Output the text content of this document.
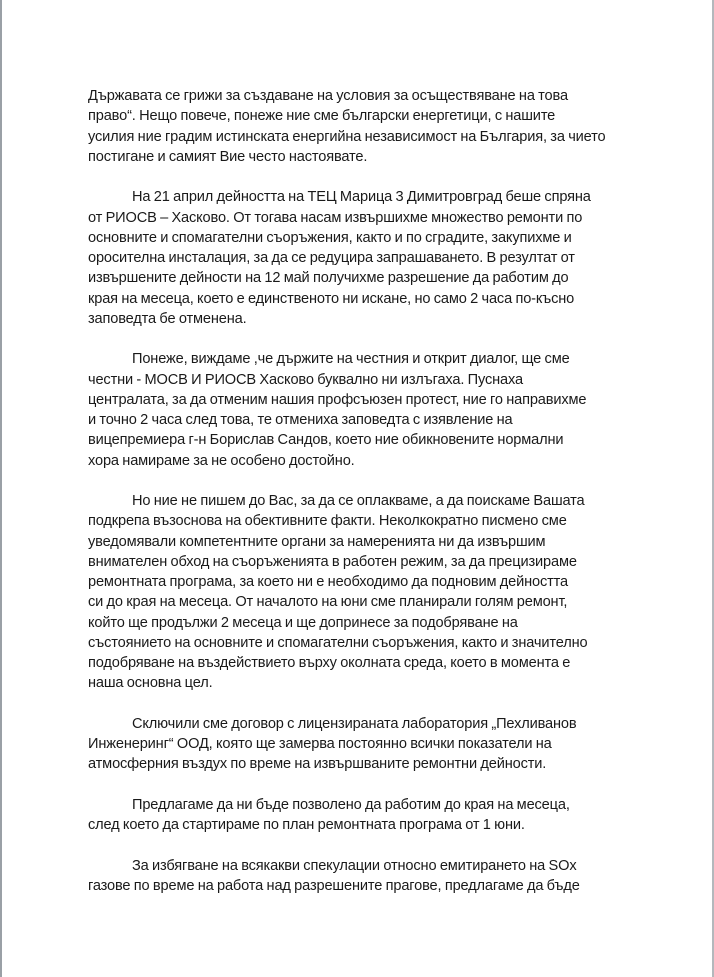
Държавата се грижи за създаване на условия за осъществяване на това
право“. Нещо повече, понеже ние сме български енергетици, с нашите
усилия ние градим истинската енергийна независимост на България, за чието
постигане и самият Вие често настоявате.

На 21 април дейността на ТЕЦ Марица 3 Димитровград беше спряна
от РИОСВ – Хасково. От тогава насам извършихме множество ремонти по
основните и спомагателни съоръжения, както и по сградите, закупихме и
оросителна инсталация, за да се редуцира запрашаването. В резултат от
извършените дейности на 12 май получихме разрешение да работим до
края на месеца, което е единственото ни искане, но само 2 часа по-късно
заповедта бе отменена.

Понеже, виждаме ,че държите на честния и открит диалог, ще сме
честни - МОСВ И РИОСВ Хасково буквално ни излъгаха. Пуснаха
централата, за да отменим нашия профсъюзен протест, ние го направихме
и точно 2 часа след това, те отмениха заповедта с изявление на
вицепремиера г-н Борислав Сандов, което ние обикновените нормални
хора намираме за не особено достойно.

Но ние не пишем до Вас, за да се оплакваме, а да поискаме Вашата
подкрепа възоснова на обективните факти. Неколкократно писмено сме
уведомявали компетентните органи за намеренията ни да извършим
внимателен обход на съоръженията в работен режим, за да прецизираме
ремонтната програма, за което ни е необходимо да подновим дейността
си до края на месеца. От началото на юни сме планирали голям ремонт,
който ще продължи 2 месеца и ще допринесе за подобряване на
състоянието на основните и спомагателни съоръжения, както и значително
подобряване на въздействието върху околната среда, което в момента е
наша основна цел.

Сключили сме договор с лицензираната лаборатория „Пехливанов
Инженеринг“ ООД, която ще замерва постоянно всички показатели на
атмосферния въздух по време на извършваните ремонтни дейности.

Предлагаме да ни бъде позволено да работим до края на месеца,
след което да стартираме по план ремонтната програма от 1 юни.

За избягване на всякакви спекулации относно емитирането на SOx
газове по време на работа над разрешените прагове, предлагаме да бъде
